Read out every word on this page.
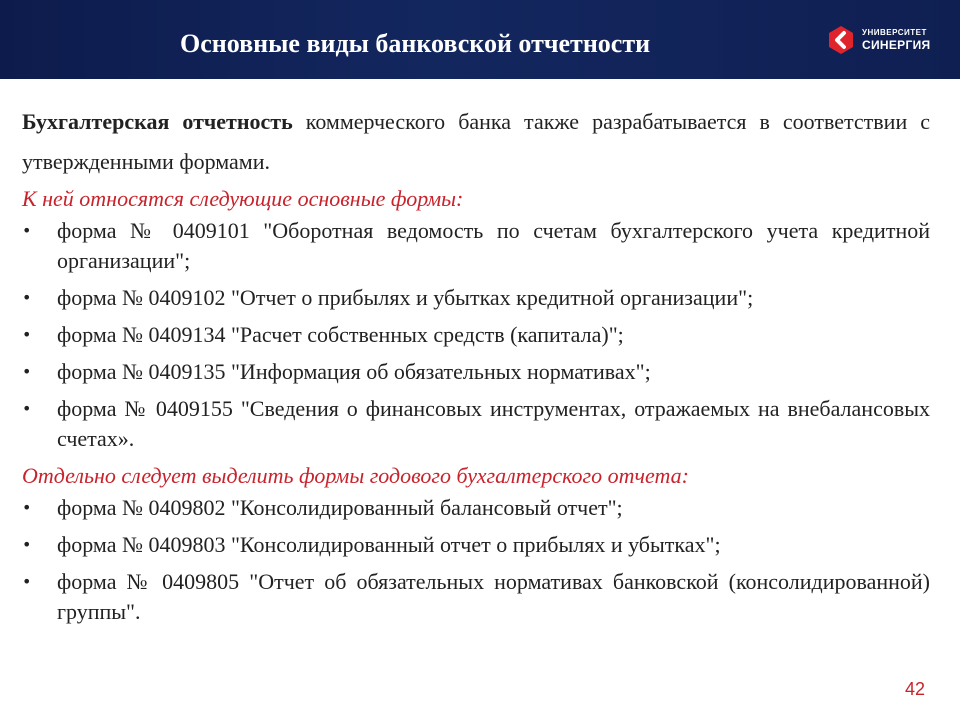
Основные виды банковской отчетности	УНИВЕРСИТЕТ
СИНЕРГИЯ

Бухгалтерская отчетность коммерческого банка также разрабатывается в соответствии с утвержденными формами.

К ней относятся следующие основные формы:
•	форма № 0409101 "Оборотная ведомость по счетам бухгалтерского учета кредитной организации";
•	форма № 0409102 "Отчет о прибылях и убытках кредитной организации";
•	форма № 0409134 "Расчет собственных средств (капитала)";
•	форма № 0409135 "Информация об обязательных нормативах";
•	форма № 0409155 "Сведения о финансовых инструментах, отражаемых на внебалансовых счетах».
Отдельно следует выделить формы годового бухгалтерского отчета:
•	форма № 0409802 "Консолидированный балансовый отчет";
•	форма № 0409803 "Консолидированный отчет о прибылях и убытках";
•	форма № 0409805 "Отчет об обязательных нормативах банковской (консолидированной) группы".
42
